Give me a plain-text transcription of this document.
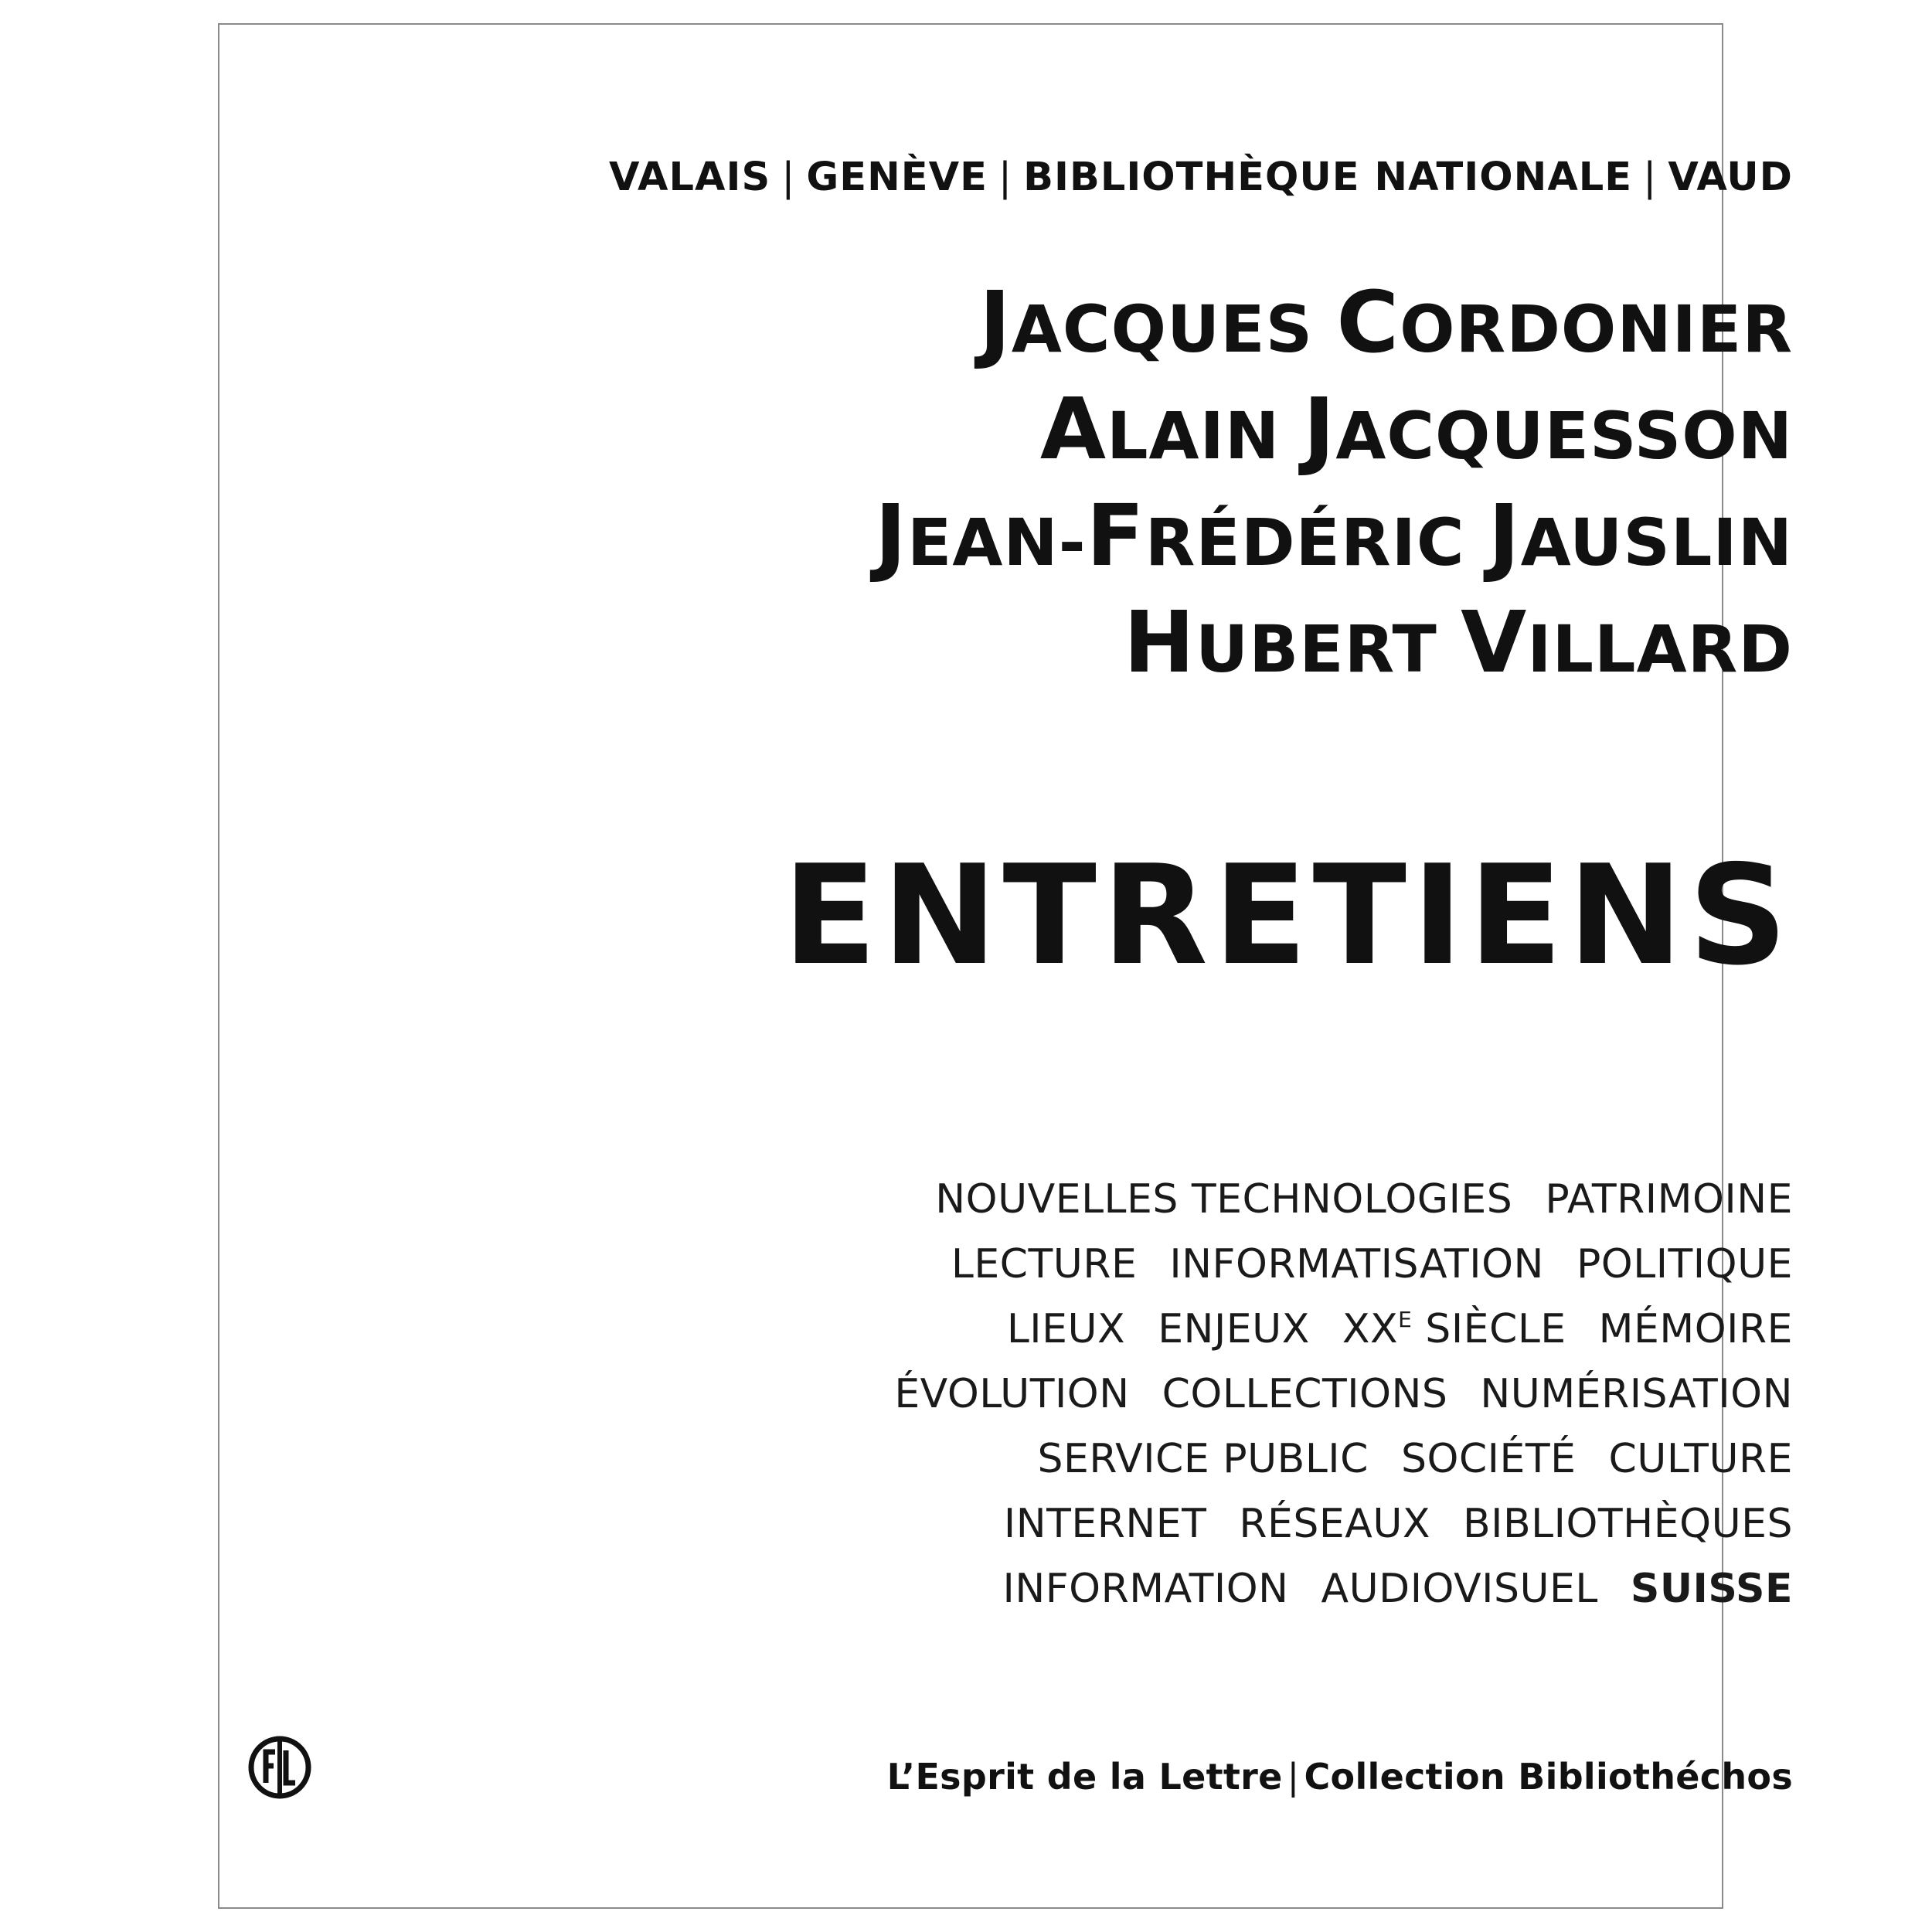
VALAIS | GENÈVE | BIBLIOTHÈQUE NATIONALE | VAUD
JACQUES CORDONIER
ALAIN JACQUESSON
JEAN-FRÉDÉRIC JAUSLIN
HUBERT VILLARD
ENTRETIENS
NOUVELLES TECHNOLOGIES PATRIMOINE
LECTURE INFORMATISATION POLITIQUE
LIEUX ENJEUX $XX^E$ SIÈCLE MÉMOIRE
ÉVOLUTION COLLECTIONS NUMÉRISATION
SERVICE PUBLIC SOCIÉTÉ CULTURE
INTERNET RÉSEAUX BIBLIOTHÈQUES
INFORMATION AUDIOVISUEL SUISSE
L’Esprit de la Lettre | Collection Bibliothéchos
